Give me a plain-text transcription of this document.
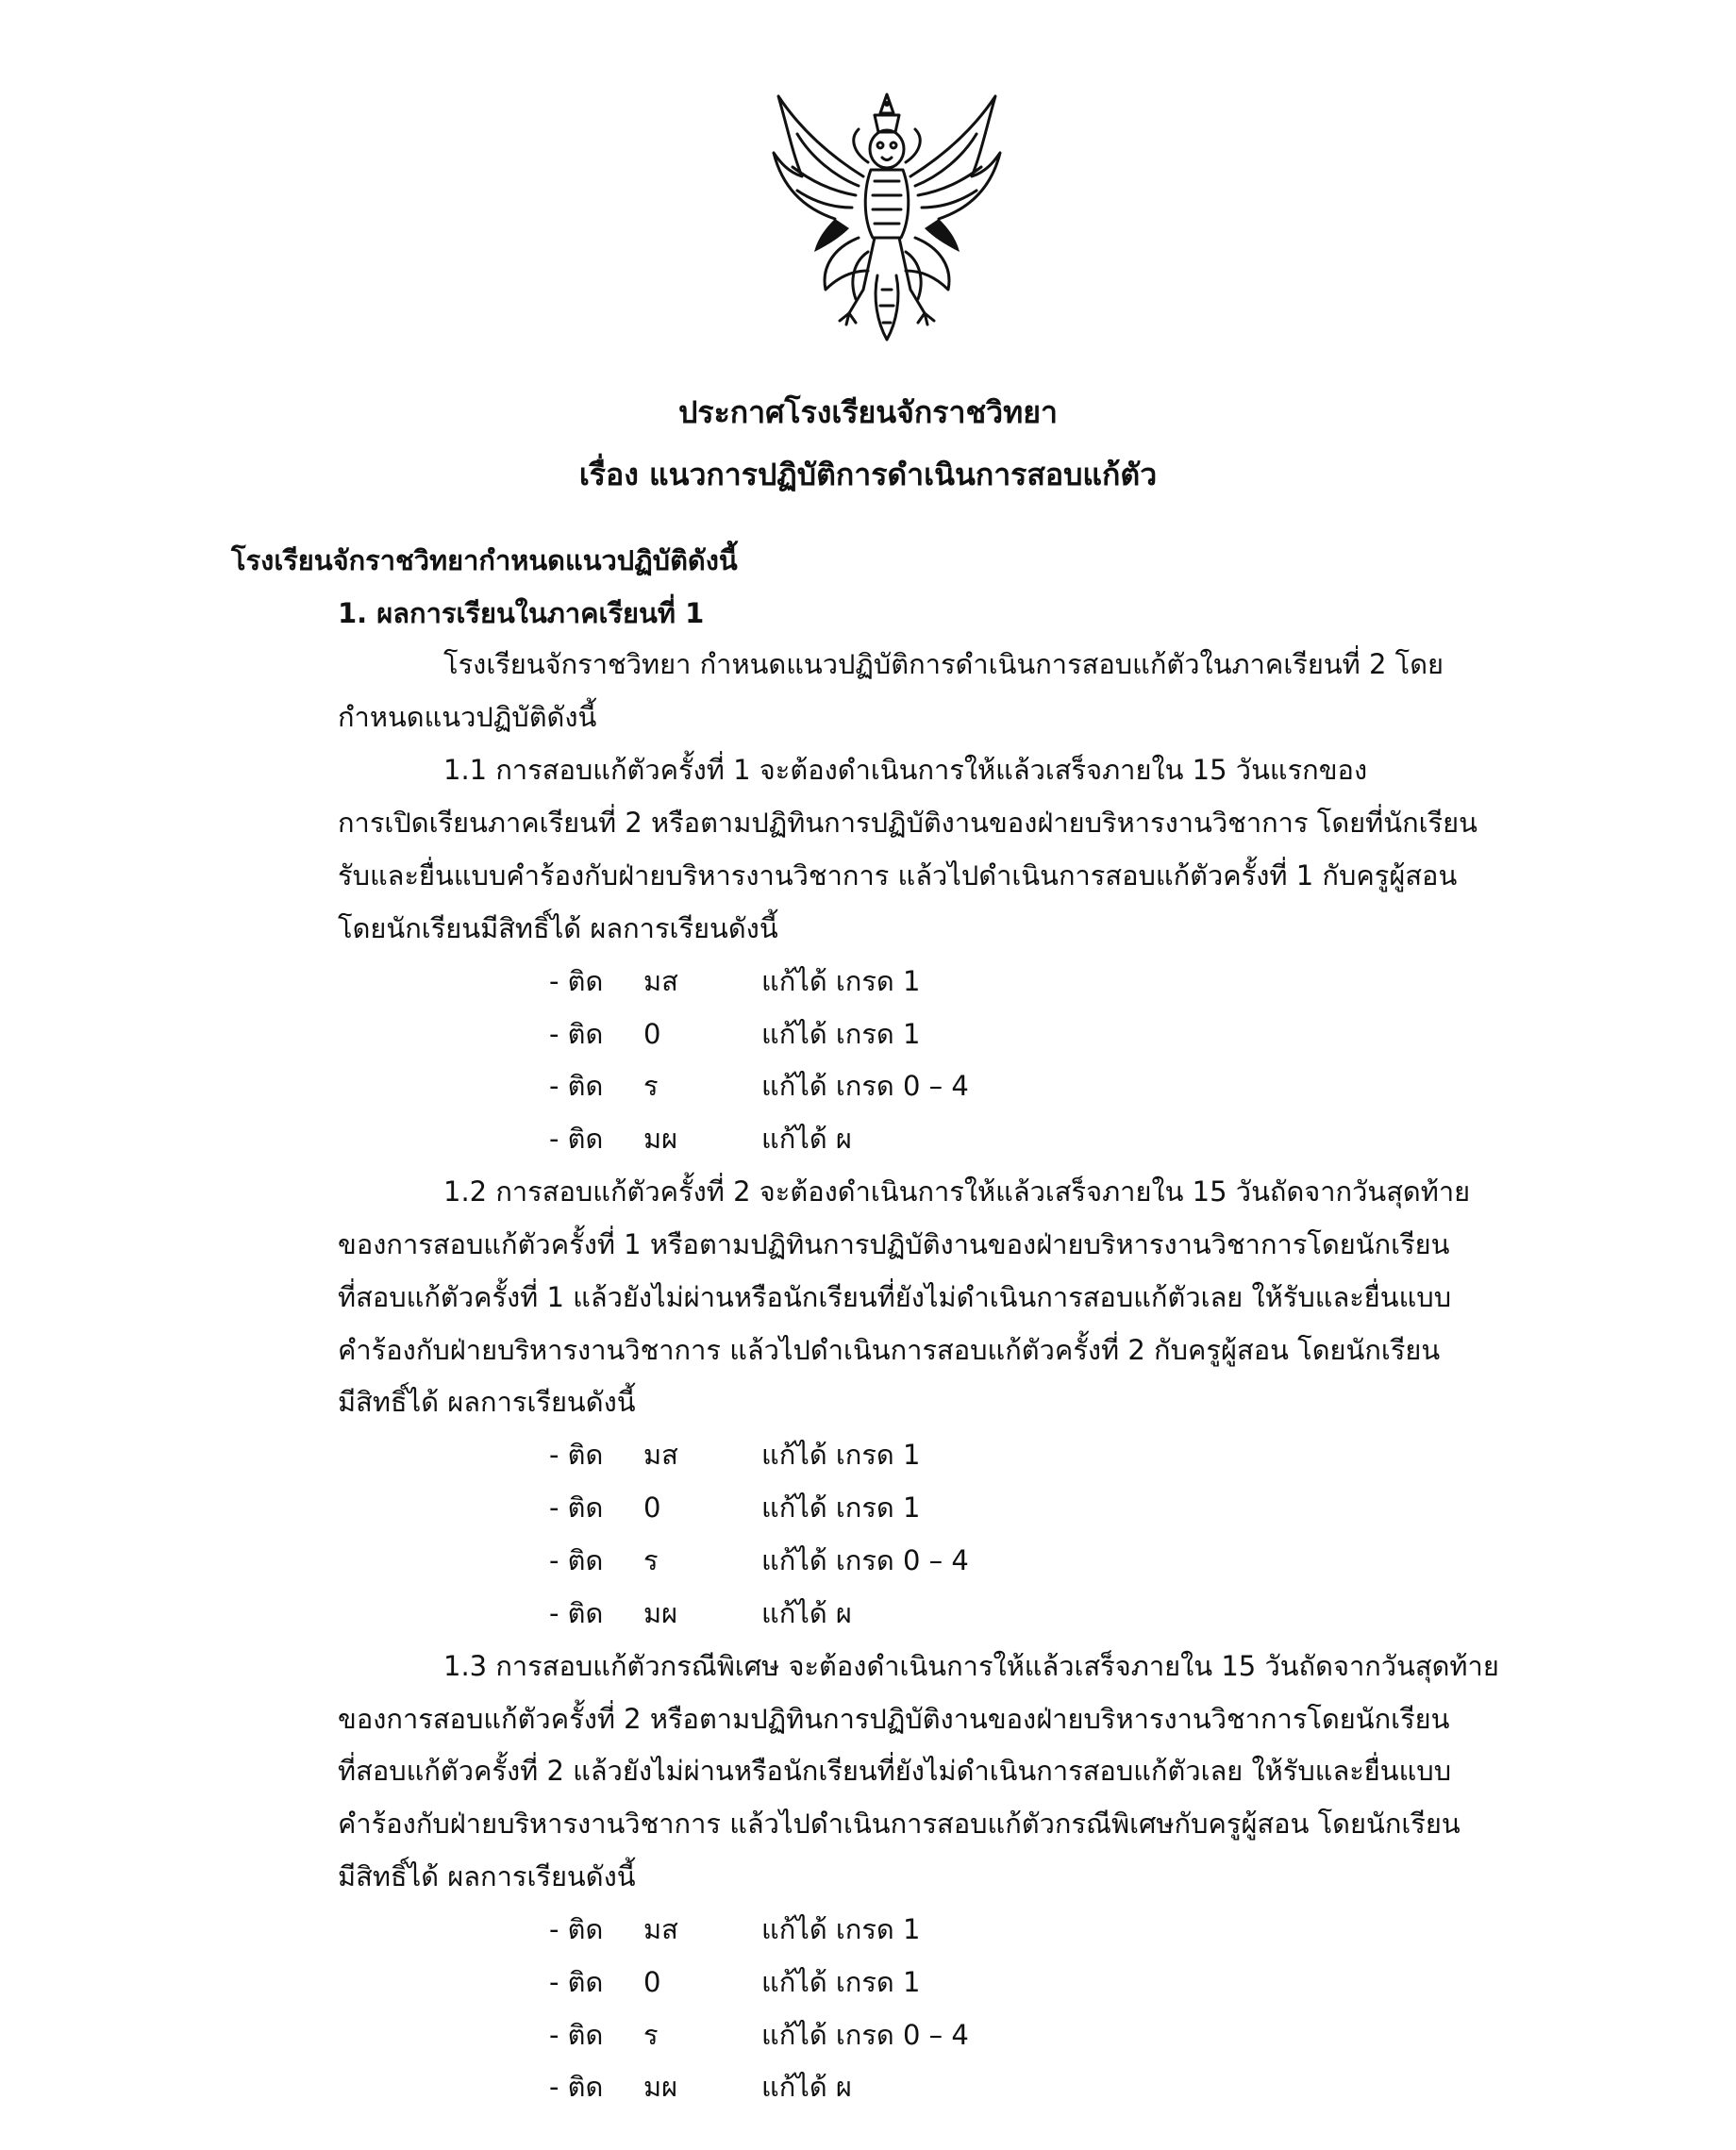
ประกาศโรงเรียนจักราชวิทยา
เรื่อง แนวการปฏิบัติการดำเนินการสอบแก้ตัว
โรงเรียนจักราชวิทยากำหนดแนวปฏิบัติดังนี้
1. ผลการเรียนในภาคเรียนที่ 1
โรงเรียนจักราชวิทยา กำหนดแนวปฏิบัติการดำเนินการสอบแก้ตัวในภาคเรียนที่ 2 โดย
กำหนดแนวปฏิบัติดังนี้
1.1 การสอบแก้ตัวครั้งที่ 1 จะต้องดำเนินการให้แล้วเสร็จภายใน 15 วันแรกของ
การเปิดเรียนภาคเรียนที่ 2 หรือตามปฏิทินการปฏิบัติงานของฝ่ายบริหารงานวิชาการ โดยที่นักเรียน
รับและยื่นแบบคำร้องกับฝ่ายบริหารงานวิชาการ แล้วไปดำเนินการสอบแก้ตัวครั้งที่ 1 กับครูผู้สอน
โดยนักเรียนมีสิทธิ์ได้ ผลการเรียนดังนี้
- ติด มส	แก้ได้ เกรด 1
- ติด 0	แก้ได้ เกรด 1
- ติด ร	แก้ได้ เกรด 0 – 4
- ติด มผ	แก้ได้ ผ
1.2 การสอบแก้ตัวครั้งที่ 2 จะต้องดำเนินการให้แล้วเสร็จภายใน 15 วันถัดจากวันสุดท้าย
ของการสอบแก้ตัวครั้งที่ 1 หรือตามปฏิทินการปฏิบัติงานของฝ่ายบริหารงานวิชาการโดยนักเรียน
ที่สอบแก้ตัวครั้งที่ 1 แล้วยังไม่ผ่านหรือนักเรียนที่ยังไม่ดำเนินการสอบแก้ตัวเลย ให้รับและยื่นแบบ
คำร้องกับฝ่ายบริหารงานวิชาการ แล้วไปดำเนินการสอบแก้ตัวครั้งที่ 2 กับครูผู้สอน โดยนักเรียน
มีสิทธิ์ได้ ผลการเรียนดังนี้
- ติด มส	แก้ได้ เกรด 1
- ติด 0	แก้ได้ เกรด 1
- ติด ร	แก้ได้ เกรด 0 – 4
- ติด มผ	แก้ได้ ผ
1.3 การสอบแก้ตัวกรณีพิเศษ จะต้องดำเนินการให้แล้วเสร็จภายใน 15 วันถัดจากวันสุดท้าย
ของการสอบแก้ตัวครั้งที่ 2 หรือตามปฏิทินการปฏิบัติงานของฝ่ายบริหารงานวิชาการโดยนักเรียน
ที่สอบแก้ตัวครั้งที่ 2 แล้วยังไม่ผ่านหรือนักเรียนที่ยังไม่ดำเนินการสอบแก้ตัวเลย ให้รับและยื่นแบบ
คำร้องกับฝ่ายบริหารงานวิชาการ แล้วไปดำเนินการสอบแก้ตัวกรณีพิเศษกับครูผู้สอน โดยนักเรียน
มีสิทธิ์ได้ ผลการเรียนดังนี้
- ติด มส	แก้ได้ เกรด 1
- ติด 0	แก้ได้ เกรด 1
- ติด ร	แก้ได้ เกรด 0 – 4
- ติด มผ	แก้ได้ ผ
